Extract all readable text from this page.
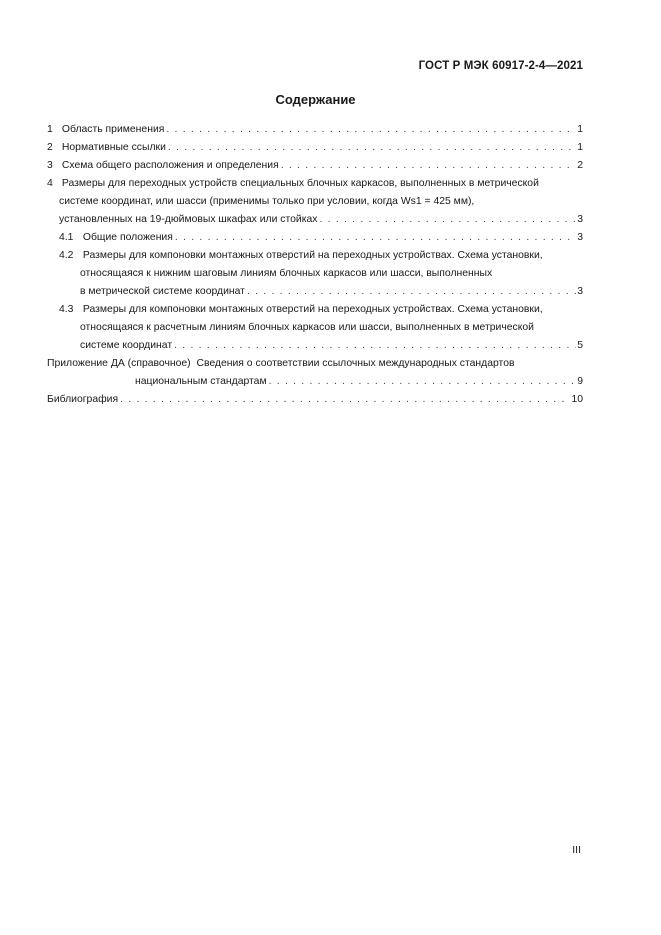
ГОСТ Р МЭК 60917-2-4—2021
Содержание
1 Область применения . . .	1
2 Нормативные ссылки . . .	1
3 Схема общего расположения и определения . . .	2
4 Размеры для переходных устройств специальных блочных каркасов, выполненных в метрической
системе координат, или шасси (применимы только при условии, когда Ws1 = 425 мм),
установленных на 19-дюймовых шкафах или стойках . . .	3
4.1 Общие положения . . .	3
4.2 Размеры для компоновки монтажных отверстий на переходных устройствах. Схема установки,
относящаяся к нижним шаговым линиям блочных каркасов или шасси, выполненных
в метрической системе координат . . .	3
4.3 Размеры для компоновки монтажных отверстий на переходных устройствах. Схема установки,
относящаяся к расчетным линиям блочных каркасов или шасси, выполненных в метрической
системе координат . . .	5
Приложение ДА (справочное) Сведения о соответствии ссылочных международных стандартов
национальным стандартам . . .	9
Библиография . . .	10
III
